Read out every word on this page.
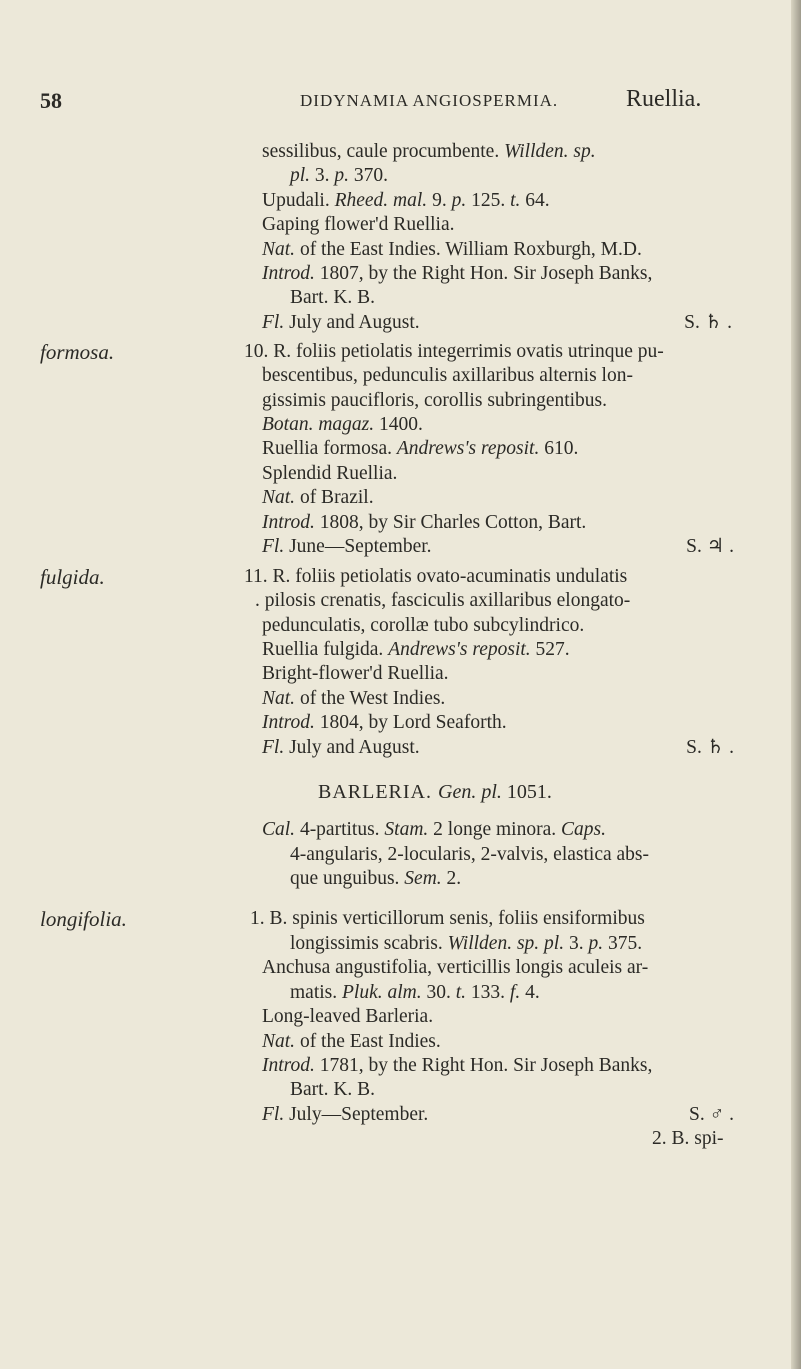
58	DIDYNAMIA ANGIOSPERMIA.	Ruellia.
sessilibus, caule procumbente. Willden. sp.
pl. 3. p. 370.
Upudali. Rheed. mal. 9. p. 125. t. 64.
Gaping flower'd Ruellia.
Nat. of the East Indies. William Roxburgh, M.D.
Introd. 1807, by the Right Hon. Sir Joseph Banks,
Bart. K. B.
Fl. July and August.	S. ♄ .
formosa.	10. R. foliis petiolatis integerrimis ovatis utrinque pu-
bescentibus, pedunculis axillaribus alternis lon-
gissimis paucifloris, corollis subringentibus.
Botan. magaz. 1400.
Ruellia formosa. Andrews's reposit. 610.
Splendid Ruellia.
Nat. of Brazil.
Introd. 1808, by Sir Charles Cotton, Bart.
Fl. June—September.	S. ♃ .
fulgida.	11. R. foliis petiolatis ovato-acuminatis undulatis
. pilosis crenatis, fasciculis axillaribus elongato-
pedunculatis, corollæ tubo subcylindrico.
Ruellia fulgida. Andrews's reposit. 527.
Bright-flower'd Ruellia.
Nat. of the West Indies.
Introd. 1804, by Lord Seaforth.
Fl. July and August.	S. ♄ .
BARLERIA. Gen. pl. 1051.
Cal. 4-partitus. Stam. 2 longe minora. Caps.
4-angularis, 2-locularis, 2-valvis, elastica abs-
que unguibus. Sem. 2.
longifolia.	1. B. spinis verticillorum senis, foliis ensiformibus
longissimis scabris. Willden. sp. pl. 3. p. 375.
Anchusa angustifolia, verticillis longis aculeis ar-
matis. Pluk. alm. 30. t. 133. f. 4.
Long-leaved Barleria.
Nat. of the East Indies.
Introd. 1781, by the Right Hon. Sir Joseph Banks,
Bart. K. B.
Fl. July—September.	S. ♂ .
2. B. spi-
